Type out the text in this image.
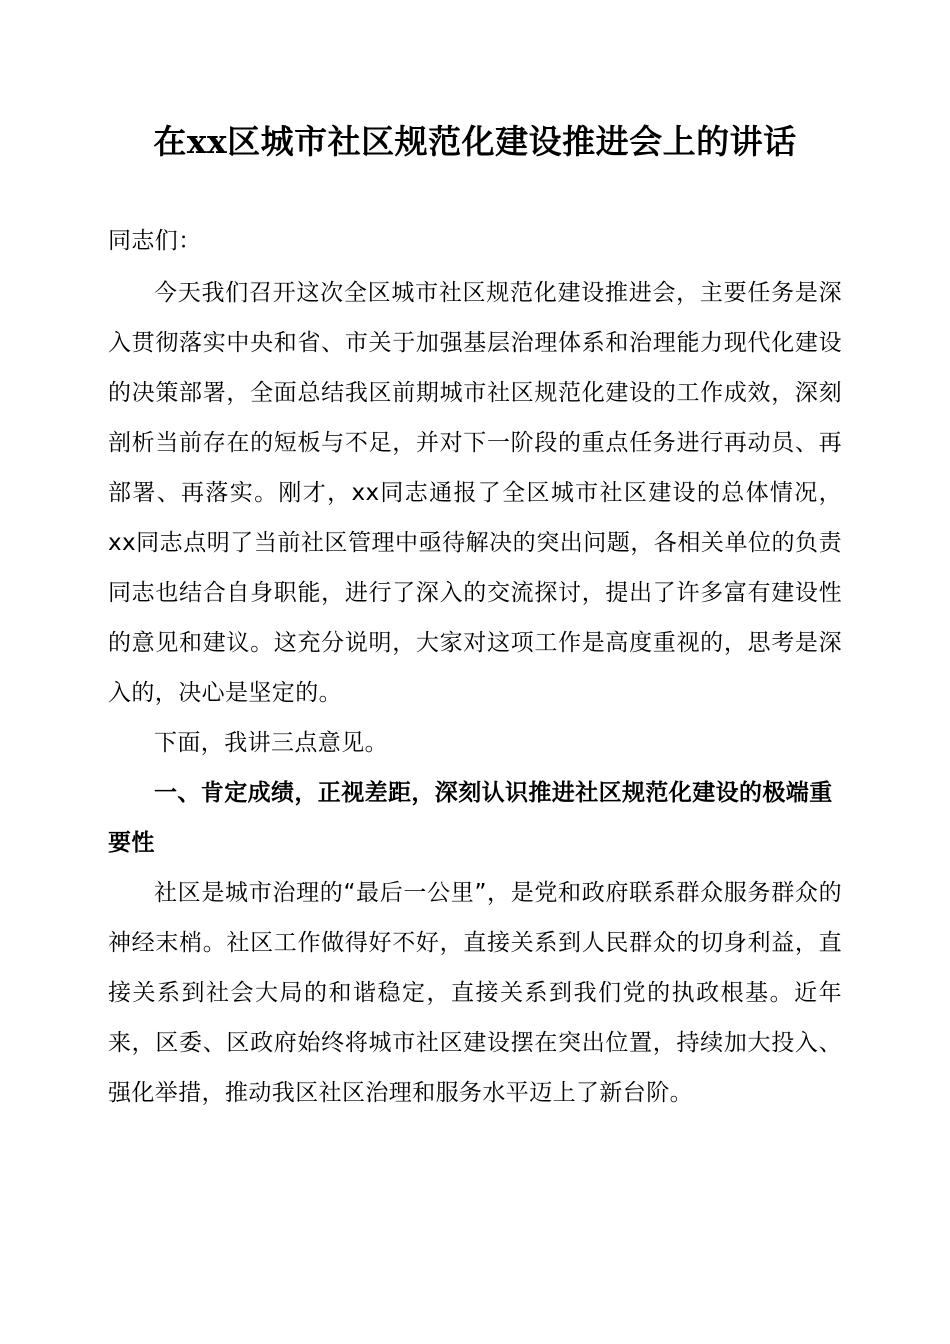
在xx区城市社区规范化建设推进会上的讲话

同志们：

今天我们召开这次全区城市社区规范化建设推进会，主要任务是深入贯彻落实中央和省、市关于加强基层治理体系和治理能力现代化建设的决策部署，全面总结我区前期城市社区规范化建设的工作成效，深刻剖析当前存在的短板与不足，并对下一阶段的重点任务进行再动员、再部署、再落实。刚才，xx同志通报了全区城市社区建设的总体情况，xx同志点明了当前社区管理中亟待解决的突出问题，各相关单位的负责同志也结合自身职能，进行了深入的交流探讨，提出了许多富有建设性的意见和建议。这充分说明，大家对这项工作是高度重视的，思考是深入的，决心是坚定的。

下面，我讲三点意见。

一、肯定成绩，正视差距，深刻认识推进社区规范化建设的极端重要性

社区是城市治理的“最后一公里”，是党和政府联系群众服务群众的神经末梢。社区工作做得好不好，直接关系到人民群众的切身利益，直接关系到社会大局的和谐稳定，直接关系到我们党的执政根基。近年来，区委、区政府始终将城市社区建设摆在突出位置，持续加大投入、强化举措，推动我区社区治理和服务水平迈上了新台阶。
